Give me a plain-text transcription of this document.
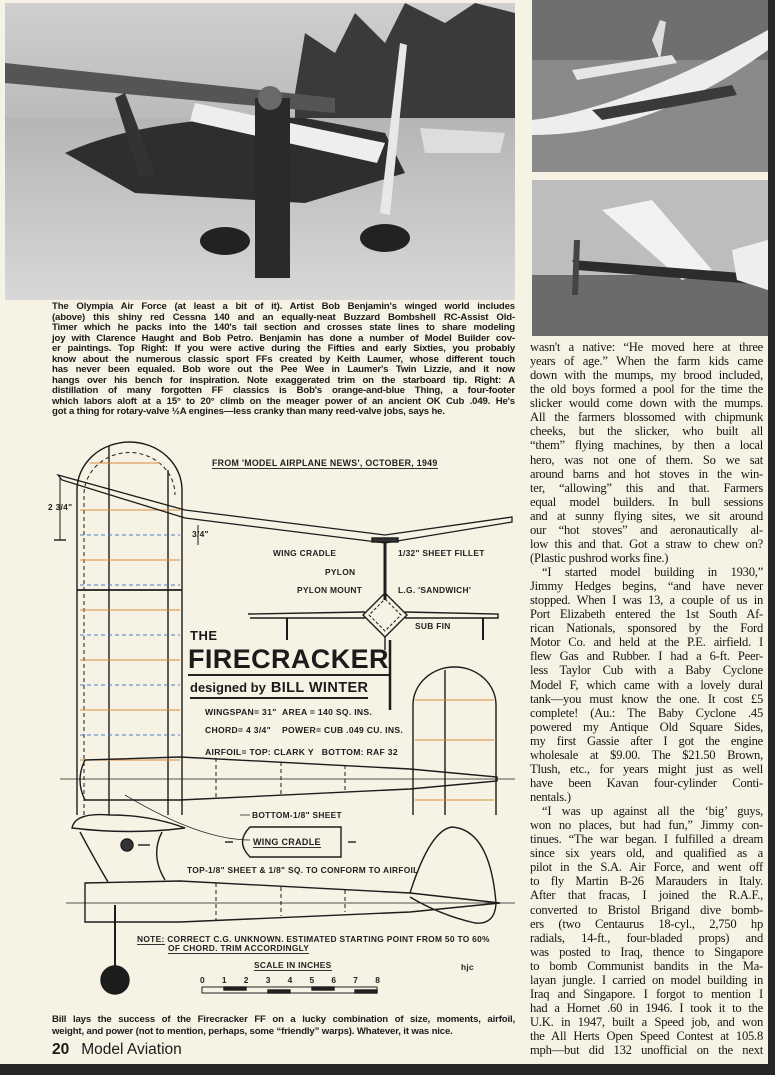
The Olympia Air Force (at least a bit of it). Artist Bob Benjamin's winged world includes
(above) this shiny red Cessna 140 and an equally-neat Buzzard Bombshell RC-Assist Old-
Timer which he packs into the 140's tail section and crosses state lines to share modeling
joy with Clarence Haught and Bob Petro. Benjamin has done a number of Model Builder cov-
er paintings. Top Right: If you were active during the Fifties and early Sixties, you probably
know about the numerous classic sport FFs created by Keith Laumer, whose different touch
has never been equaled. Bob wore out the Pee Wee in Laumer's Twin Lizzie, and it now
hangs over his bench for inspiration. Note exaggerated trim on the starboard tip. Right: A
distillation of many forgotten FF classics is Bob's orange-and-blue Thing, a four-footer
which labors aloft at a 15° to 20° climb on the meager power of an ancient OK Cub .049. He's
got a thing for rotary-valve ½A engines—less cranky than many reed-valve jobs, says he.
wasn't a native: “He moved here at three
years of age.” When the farm kids came
down with the mumps, my brood included,
the old boys formed a pool for the time the
slicker would come down with the mumps.
All the farmers blossomed with chipmunk
cheeks, but the slicker, who built all
“them” flying machines, by then a local
hero, was not one of them. So we sat
around barns and hot stoves in the win-
ter, “allowing” this and that. Farmers
equal model builders. In bull sessions
and at sunny flying sites, we sit around
our “hot stoves” and aeronautically al-
low this and that. Got a straw to chew on?
(Plastic pushrod works fine.)
“I started model building in 1930,”
Jimmy Hedges begins, “and have never
stopped. When I was 13, a couple of us in
Port Elizabeth entered the 1st South Af-
rican Nationals, sponsored by the Ford
Motor Co. and held at the P.E. airfield. I
flew Gas and Rubber. I had a 6-ft. Peer-
less Taylor Cub with a Baby Cyclone
Model F, which came with a lovely dural
tank—you must know the one. It cost £5
complete! (Au.: The Baby Cyclone .45
powered my Antique Old Square Sides,
my first Gassie after I got the engine
wholesale at $9.00. The $21.50 Brown,
Tlush, etc., for years might just as well
have been Kavan four-cylinder Conti-
nentals.)
“I was up against all the ‘big’ guys,
won no places, but had fun,” Jimmy con-
tinues. “The war began. I fulfilled a dream
since six years old, and qualified as a
pilot in the S.A. Air Force, and went off
to fly Martin B-26 Marauders in Italy.
After that fracas, I joined the R.A.F.,
converted to Bristol Brigand dive bomb-
ers (two Centaurus 18-cyl., 2,750 hp
radials, 14-ft., four-bladed props) and
was posted to Iraq, thence to Singapore
to bomb Communist bandits in the Ma-
layan jungle. I carried on model building in
Iraq and Singapore. I forgot to mention I
had a Hornet .60 in 1946. I took it to the
U.K. in 1947, built a Speed job, and won
the All Herts Open Speed Contest at 105.8
mph—but did 132 unofficial on the next
FROM 'MODEL AIRPLANE NEWS', OCTOBER, 1949
2 3/4"
3/4"
WING CRADLE	1/32" SHEET FILLET
PYLON
PYLON MOUNT	L.G. 'SANDWICH'
SUB FIN
THE
FIRECRACKER
designed by BILL WINTER
WINGSPAN= 31" AREA = 140 SQ. INS.
CHORD= 4 3/4" POWER= CUB .049 CU. INS.
AIRFOIL= TOP: CLARK Y   BOTTOM: RAF 32
BOTTOM-1/8" SHEET
WING CRADLE
TOP-1/8" SHEET & 1/8" SQ. TO CONFORM TO AIRFOIL
NOTE: CORRECT C.G. UNKNOWN. ESTIMATED STARTING POINT FROM 50 TO 60%
OF CHORD. TRIM ACCORDINGLY
SCALE IN INCHES	hjc
0 1 2 3 4 5 6 7 8
Bill lays the success of the Firecracker FF on a lucky combination of size, moments, airfoil,
weight, and power (not to mention, perhaps, some “friendly” warps). Whatever, it was nice.
20 Model Aviation
